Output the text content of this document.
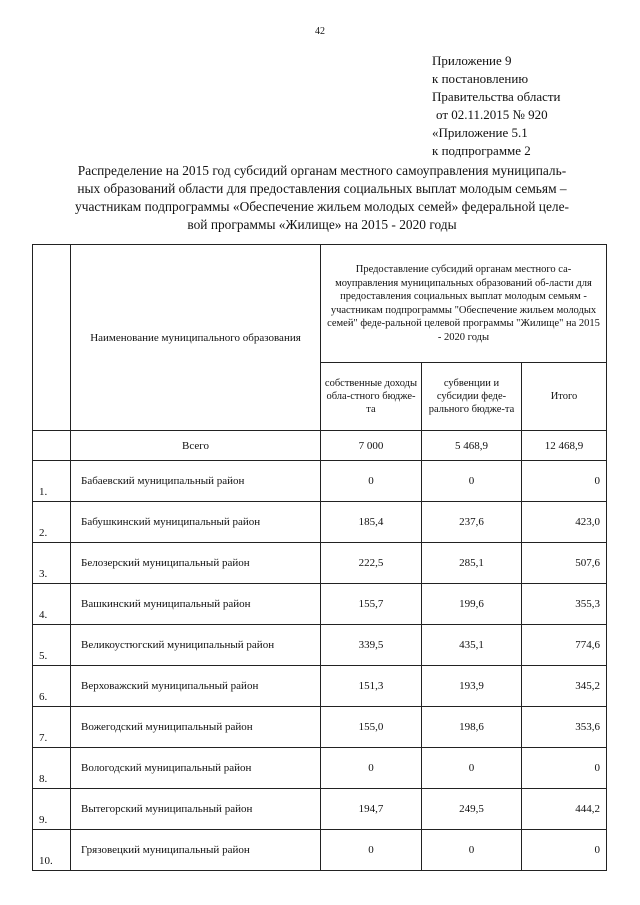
42
Приложение 9
к постановлению
Правительства области
от 02.11.2015 № 920
«Приложение 5.1
к подпрограмме 2
Распределение на 2015 год субсидий органам местного самоуправления муниципаль-
ных образований области для предоставления социальных выплат молодым семьям –
участникам подпрограммы «Обеспечение жильем молодых семей» федеральной целе-
вой программы «Жилище» на 2015 - 2020 годы
	Наименование муниципального образования	Предоставление субсидий органам местного са-моуправления муниципальных образований об-ласти для предоставления социальных выплат молодым семьям - участникам подпрограммы "Обеспечение жильем молодых семей" феде-ральной целевой программы "Жилище" на 2015 - 2020 годы		
		собственные доходы обла-стного бюдже-та	субвенции и субсидии феде-рального бюдже-та	Итого
	Всего	7 000	5 468,9	12 468,9
1.	Бабаевский муниципальный район	0	0	0
2.	Бабушкинский муниципальный район	185,4	237,6	423,0
3.	Белозерский муниципальный район	222,5	285,1	507,6
4.	Вашкинский муниципальный район	155,7	199,6	355,3
5.	Великоустюгский муниципальный район	339,5	435,1	774,6
6.	Верховажский муниципальный район	151,3	193,9	345,2
7.	Вожегодский муниципальный район	155,0	198,6	353,6
8.	Вологодский муниципальный район	0	0	0
9.	Вытегорский муниципальный район	194,7	249,5	444,2
10.	Грязовецкий муниципальный район	0	0	0
